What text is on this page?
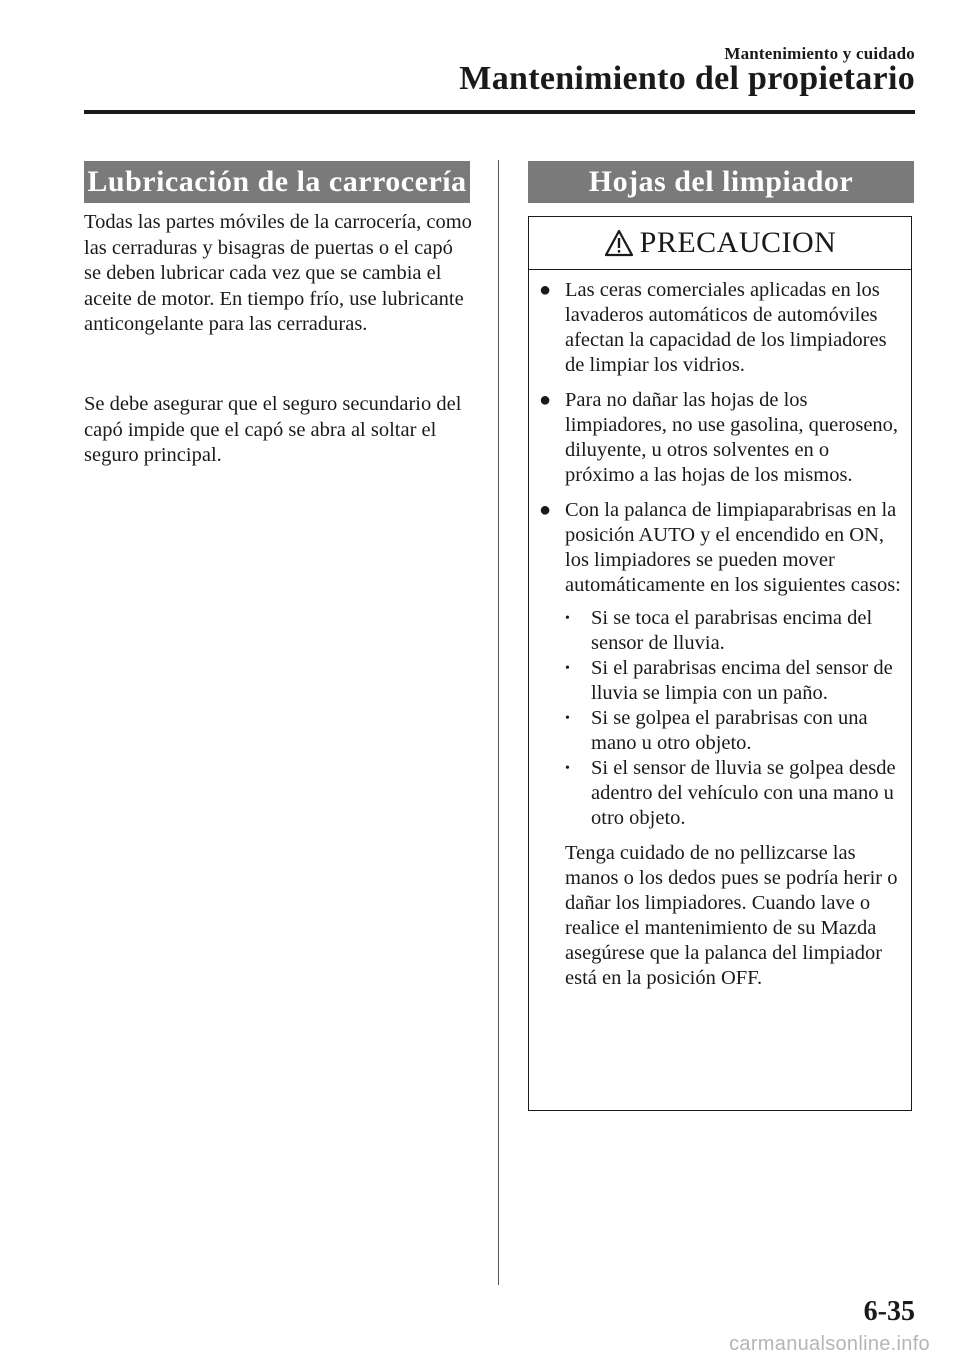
Mantenimiento y cuidado
Mantenimiento del propietario
Lubricación de la carrocería

Todas las partes móviles de la carrocería, como las cerraduras y bisagras de puertas o el capó se deben lubricar cada vez que se cambia el aceite de motor. En tiempo frío, use lubricante anticongelante para las cerraduras.

Se debe asegurar que el seguro secundario del capó impide que el capó se abra al soltar el seguro principal.

Hojas del limpiador
PRECAUCION
● Las ceras comerciales aplicadas en los lavaderos automáticos de automóviles afectan la capacidad de los limpiadores de limpiar los vidrios.
● Para no dañar las hojas de los limpiadores, no use gasolina, queroseno, diluyente, u otros solventes en o próximo a las hojas de los mismos.
● Con la palanca de limpiaparabrisas en la posición AUTO y el encendido en ON, los limpiadores se pueden mover automáticamente en los siguientes casos:
• Si se toca el parabrisas encima del sensor de lluvia.
• Si el parabrisas encima del sensor de lluvia se limpia con un paño.
• Si se golpea el parabrisas con una mano u otro objeto.
• Si el sensor de lluvia se golpea desde adentro del vehículo con una mano u otro objeto.
Tenga cuidado de no pellizcarse las manos o los dedos pues se podría herir o dañar los limpiadores. Cuando lave o realice el mantenimiento de su Mazda asegúrese que la palanca del limpiador está en la posición OFF.
6-35
carmanualsonline.info
